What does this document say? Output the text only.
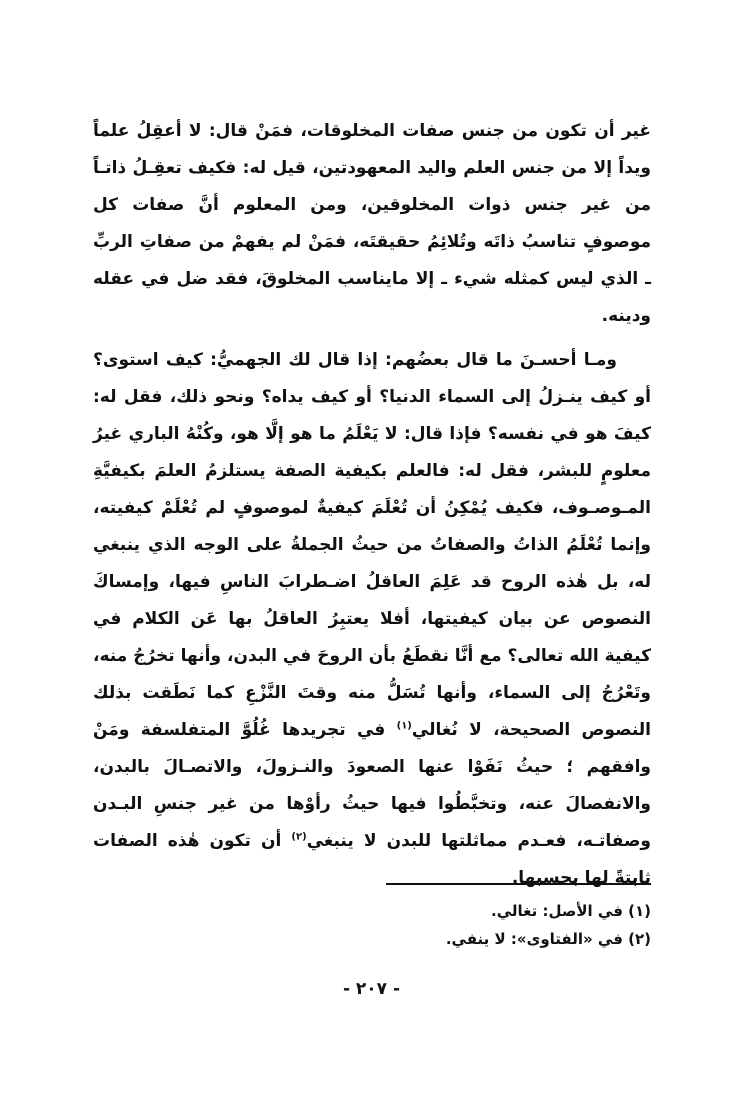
غير أن تكون من جنس صفات المخلوقات، فمَنْ قال: لا أعقِلُ علماً ويداً إلا من جنس العلم واليد المعهودتين، قيل له: فكيف تعقِـلُ ذاتـاً من غير جنس ذوات المخلوقين، ومن المعلوم أنَّ صفات كل موصوفٍ تناسبُ ذاتَه وتُلائِمُ حقيقتَه، فمَنْ لم يفهمْ من صفاتِ الربِّ ـ الذي ليس كمثله شيء ـ إلا مايناسب المخلوقَ، فقد ضل في عقله ودينه.

ومـا أحسـنَ ما قال بعضُهم: إذا قال لك الجهميُّ: كيف استوى؟ أو كيف ينـزلُ إلى السماء الدنيا؟ أو كيف يداه؟ ونحو ذلك، فقل له: كيفَ هو في نفسه؟ فإذا قال: لا يَعْلَمُ ما هو إلَّا هو، وكُنْهُ الباري غيرُ معلومٍ للبشر، فقل له: فالعلم بكيفية الصفة يستلزمُ العلمَ بكيفيَّةِ المـوصـوف، فكيف يُمْكِنُ أن تُعْلَمَ كيفيةٌ لموصوفٍ لم تُعْلَمْ كيفيته، وإنما تُعْلَمُ الذاتُ والصفاتُ من حيثُ الجملةُ على الوجه الذي ينبغي له، بل هٰذه الروح قد عَلِمَ العاقلُ اضـطرابَ الناسِ فيها، وإمساكَ النصوص عن بيان كيفيتها، أفلا يعتبِرُ العاقلُ بها عَن الكلام في كيفية الله تعالى؟ مع أنَّا نقطَعُ بأن الروحَ في البدن، وأنها تخرُجُ منه، وتَعْرُجُ إلى السماء، وأنها تُسَلُّ منه وقتَ النَّزْعِ كما نَطَقت بذلك النصوص الصحيحة، لا نُغالي$^{(١)}$ في تجريدها غُلُوَّ المتفلسفة ومَنْ وافقهم ؛ حيثُ نَفَوْا عنها الصعودَ والنـزولَ، والاتصـالَ بالبدن، والانفصالَ عنه، وتخبَّطُوا فيها حيثُ رأوْها من غير جنسِ البـدن وصفاتـه، فعـدم مماثلتها للبدن لا ينبغي$^{(٢)}$ أن تكون هٰذه الصفات ثابتةً لها بحسبها.

(١) في الأصل: تغالي.
(٢) في «الفتاوى»: لا ينفي.
- ٢٠٧ -
